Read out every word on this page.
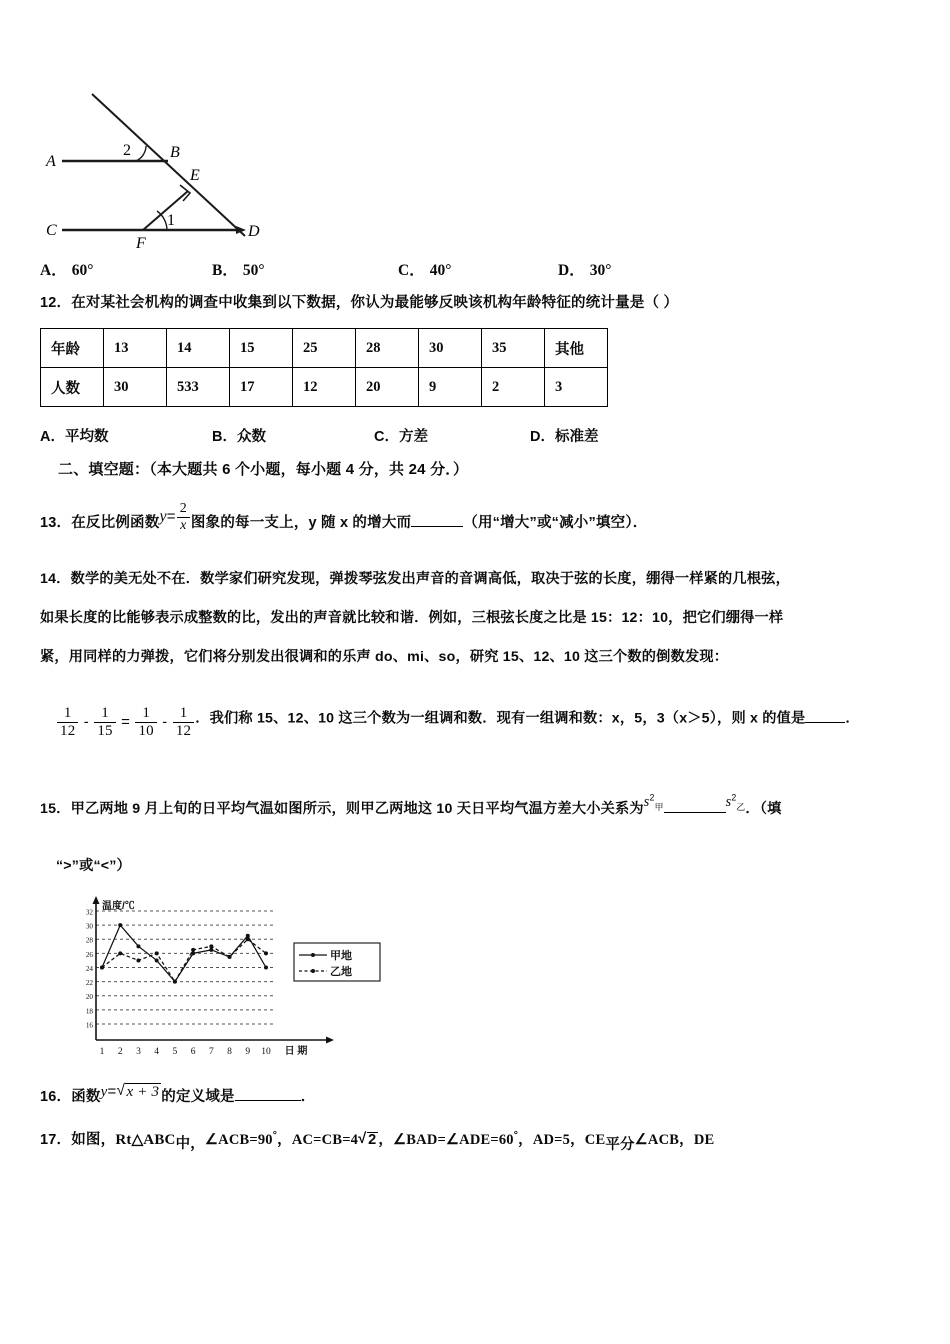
A
B
C	D
E
F
2
1
A． 60°	B． 50°	C． 40°	D． 30°
12．在对某社会机构的调查中收集到以下数据，你认为最能够反映该机构年龄特征的统计量是（ ）
年龄	13	14	15	25	28	30	35	其他
人数	30	533	17	12	20	9	2	3
A．平均数	B．众数	C．方差	D．标准差
二、填空题：（本大题共 6 个小题，每小题 4 分，共 24 分．）
13．在反比例函数$y= \frac{2}{x}$ 图象的每一支上，y 随 x 的增大而	（用“增大”或“减小”填空）．
14．数学的美无处不在．数学家们研究发现，弹拨琴弦发出声音的音调高低，取决于弦的长度，绷得一样紧的几根弦，
如果长度的比能够表示成整数的比，发出的声音就比较和谐．例如，三根弦长度之比是 15：12：10，把它们绷得一样
紧，用同样的力弹拨，它们将分别发出很调和的乐声 do、mi、so，研究 15、12、10 这三个数的倒数发现：
$\frac{1}{12} - \frac{1}{15} = \frac{1}{10} - \frac{1}{12}$ ．我们称 15、12、10 这三个数为一组调和数．现有一组调和数：x，5，3（x＞5），则 x 的值是	．
15．甲乙两地 9 月上旬的日平均气温如图所示，则甲乙两地这 10 天日平均气温方差大小关系为$s^2_甲$	$s^2_乙$．（填
“>”或“<”）
32
30
28
26
24
22
20
18
16
温度/℃
1 2 3 4 5 6 7 8 9 10 日 期
甲地
乙地
16．函数y= √ x + 3 的定义域是	．
17．如图，Rt△ABC中，∠ACB=90°，AC=CB=4 √ 2 ，∠BAD=∠ADE=60°，AD=5，CE平分∠ACB，DE
